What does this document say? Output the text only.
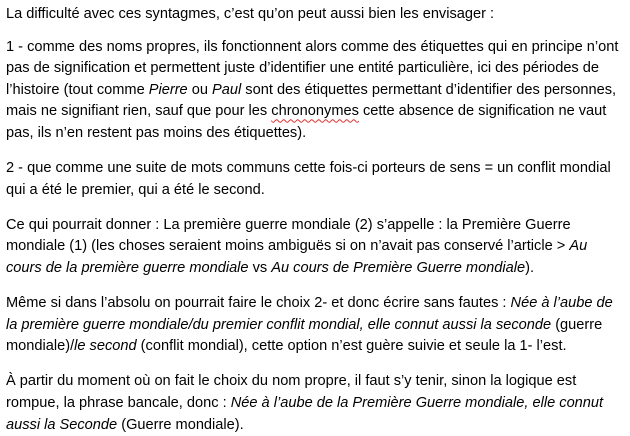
La difficulté avec ces syntagmes, c’est qu’on peut aussi bien les envisager :

1 - comme des noms propres, ils fonctionnent alors comme des étiquettes qui en principe n’ont pas de signification et permettent juste d’identifier une entité particulière, ici des périodes de l’histoire (tout comme Pierre ou Paul sont des étiquettes permettant d’identifier des personnes, mais ne signifiant rien, sauf que pour les chrononymes cette absence de signification ne vaut pas, ils n’en restent pas moins des étiquettes).

2 - que comme une suite de mots communs cette fois-ci porteurs de sens = un conflit mondial qui a été le premier, qui a été le second.

Ce qui pourrait donner : La première guerre mondiale (2) s’appelle : la Première Guerre mondiale (1) (les choses seraient moins ambiguës si on n’avait pas conservé l’article > Au cours de la première guerre mondiale vs Au cours de Première Guerre mondiale).

Même si dans l’absolu on pourrait faire le choix 2- et donc écrire sans fautes : Née à l’aube de la première guerre mondiale/du premier conflit mondial, elle connut aussi la seconde (guerre mondiale)/le second (conflit mondial), cette option n’est guère suivie et seule la 1- l’est.

À partir du moment où on fait le choix du nom propre, il faut s’y tenir, sinon la logique est rompue, la phrase bancale, donc : Née à l’aube de la Première Guerre mondiale, elle connut aussi la Seconde (Guerre mondiale).
